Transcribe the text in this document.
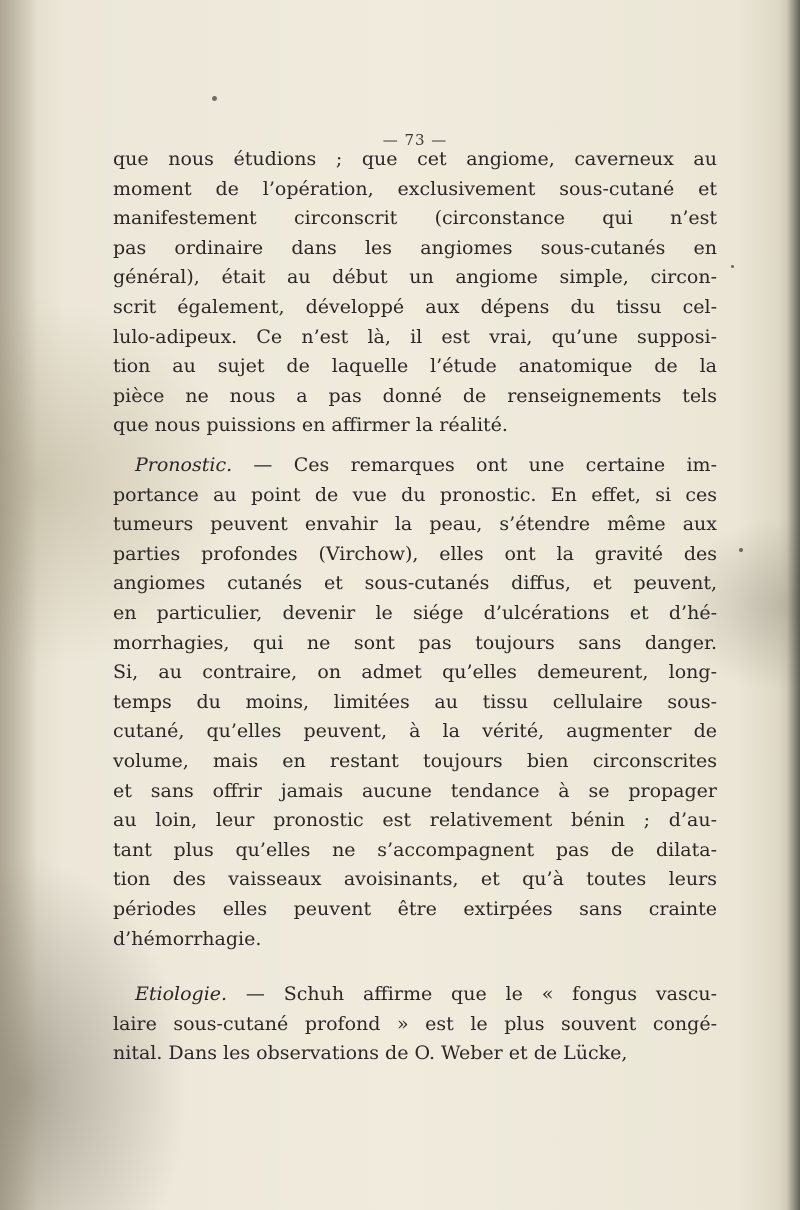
— 73 —
que nous étudions ; que cet angiome, caverneux au
moment de l’opération, exclusivement sous-cutané et
manifestement circonscrit (circonstance qui n’est
pas ordinaire dans les angiomes sous-cutanés en
général), était au début un angiome simple, circon-
scrit également, développé aux dépens du tissu cel-
lulo-adipeux. Ce n’est là, il est vrai, qu’une supposi-
tion au sujet de laquelle l’étude anatomique de la
pièce ne nous a pas donné de renseignements tels
que nous puissions en affirmer la réalité.
Pronostic. — Ces remarques ont une certaine im-
portance au point de vue du pronostic. En effet, si ces
tumeurs peuvent envahir la peau, s’étendre même aux
parties profondes (Virchow), elles ont la gravité des
angiomes cutanés et sous-cutanés diffus, et peuvent,
en particulier, devenir le siége d’ulcérations et d’hé-
morrhagies, qui ne sont pas toujours sans danger.
Si, au contraire, on admet qu’elles demeurent, long-
temps du moins, limitées au tissu cellulaire sous-
cutané, qu’elles peuvent, à la vérité, augmenter de
volume, mais en restant toujours bien circonscrites
et sans offrir jamais aucune tendance à se propager
au loin, leur pronostic est relativement bénin ; d’au-
tant plus qu’elles ne s’accompagnent pas de dilata-
tion des vaisseaux avoisinants, et qu’à toutes leurs
périodes elles peuvent être extirpées sans crainte
d’hémorrhagie.
Etiologie. — Schuh affirme que le « fongus vascu-
laire sous-cutané profond » est le plus souvent congé-
nital. Dans les observations de O. Weber et de Lücke,
